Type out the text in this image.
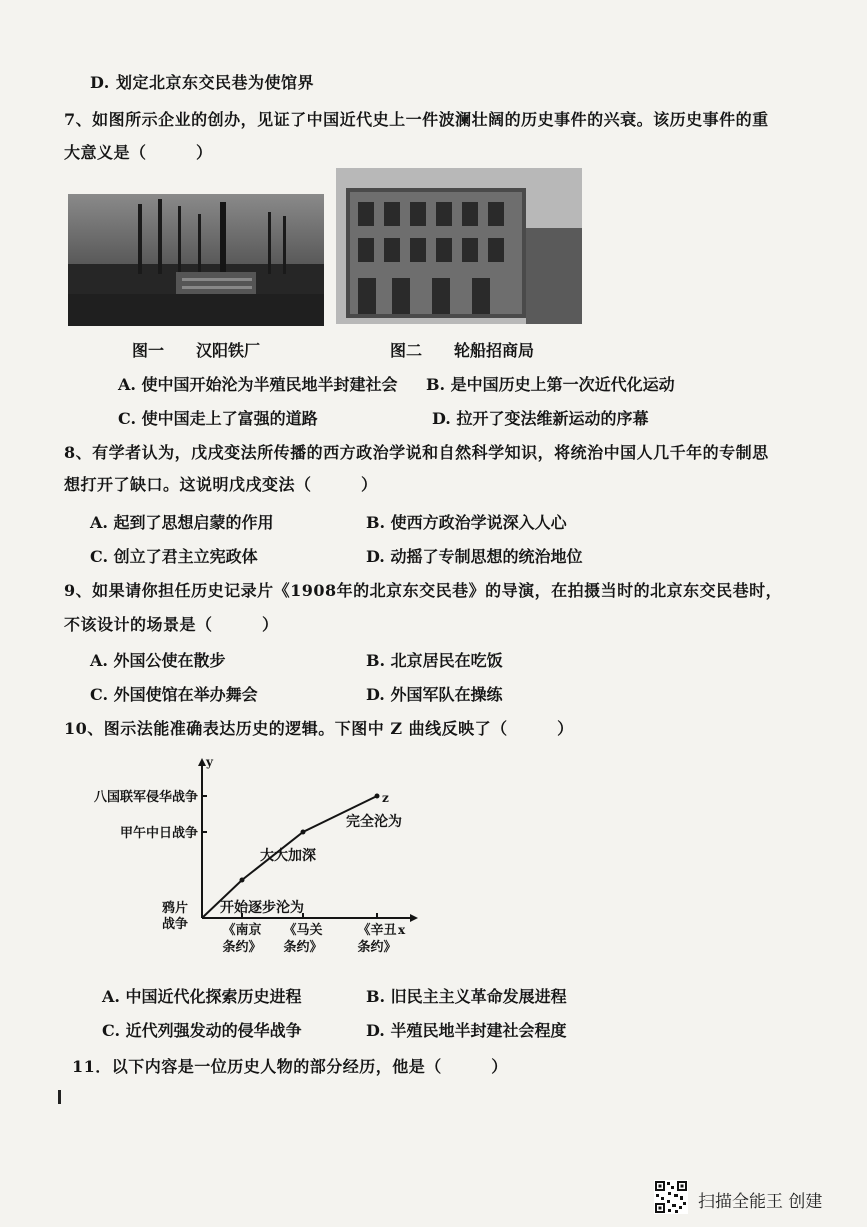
D. 划定北京东交民巷为使馆界
7、如图所示企业的创办，见证了中国近代史上一件波澜壮阔的历史事件的兴衰。该历史事件的重
大意义是（　　　）
图一　　汉阳铁厂	图二　　轮船招商局
A. 使中国开始沦为半殖民地半封建社会 B. 是中国历史上第一次近代化运动
C. 使中国走上了富强的道路	D. 拉开了变法维新运动的序幕
8、有学者认为，戊戌变法所传播的西方政治学说和自然科学知识，将统治中国人几千年的专制思
想打开了缺口。这说明戊戌变法（　　　）
A. 起到了思想启蒙的作用	B. 使西方政治学说深入人心
C. 创立了君主立宪政体	D. 动摇了专制思想的统治地位
9、如果请你担任历史记录片《1908年的北京东交民巷》的导演，在拍摄当时的北京东交民巷时，
不该设计的场景是（　　　）
A. 外国公使在散步	B. 北京居民在吃饭
C. 外国使馆在举办舞会	D. 外国军队在操练
10、图示法能准确表达历史的逻辑。下图中 Z 曲线反映了（　　　）
x
y
鸦片
战争
甲午中日战争
八国联军侵华战争
《南京
条约》
《马关
条约》
《辛丑
条约》
z
开始逐步沦为
大大加深
完全沦为
A. 中国近代化探索历史进程	B. 旧民主主义革命发展进程
C. 近代列强发动的侵华战争	D. 半殖民地半封建社会程度
11．以下内容是一位历史人物的部分经历，他是（　　　）
扫描全能王 创建
